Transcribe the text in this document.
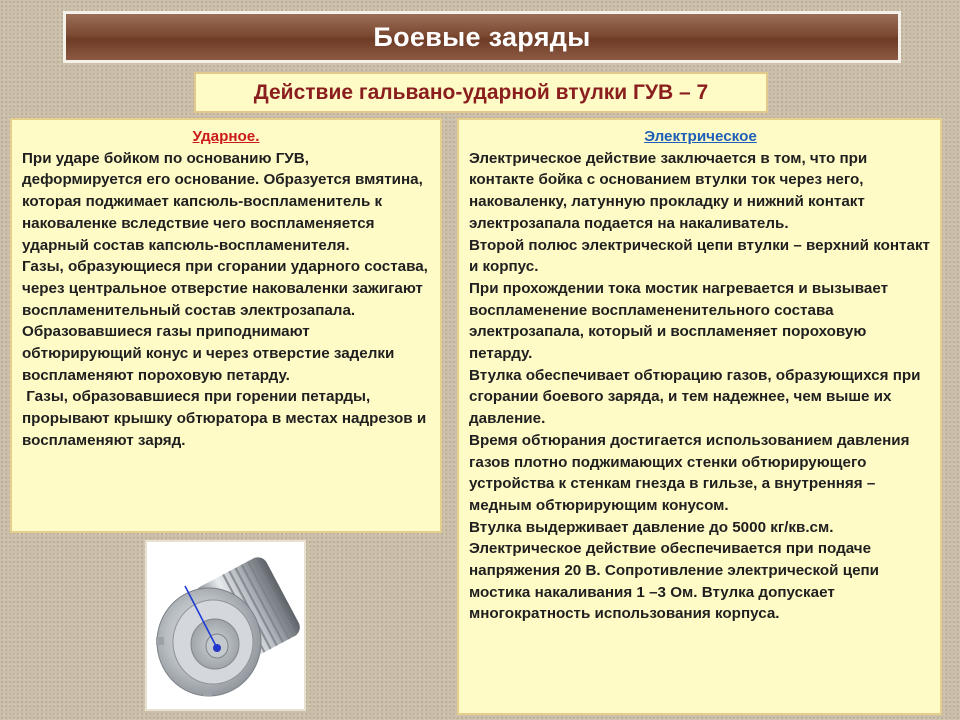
Боевые заряды
Действие гальвано-ударной втулки ГУВ – 7
Ударное.

При ударе бойком по основанию ГУВ, деформируется его основание. Образуется вмятина, которая поджимает капсюль-воспламенитель к наковаленке вследствие чего воспламеняется ударный состав капсюль-воспламенителя.

Газы, образующиеся при сгорании ударного состава, через центральное отверстие наковаленки зажигают воспламенительный состав электрозапала.

Образовавшиеся газы приподнимают обтюрирующий конус и через отверстие заделки воспламеняют пороховую петарду.

Газы, образовавшиеся при горении петарды, прорывают крышку обтюратора в местах надрезов и воспламеняют заряд.

Электрическое

Электрическое действие заключается в том, что при контакте бойка с основанием втулки ток через него, наковаленку, латунную прокладку и нижний контакт электрозапала подается на накаливатель.

Второй полюс электрической цепи втулки – верхний контакт и корпус.

При прохождении тока мостик нагревается и вызывает воспламенение воспламененительного состава электрозапала, который и воспламеняет пороховую петарду.

Втулка обеспечивает обтюрацию газов, образующихся при сгорании боевого заряда, и тем надежнее, чем выше их давление.

Время обтюрания достигается использованием давления газов плотно поджимающих стенки обтюрирующего устройства к стенкам гнезда в гильзе, а внутренняя – медным обтюрирующим конусом.

Втулка выдерживает давление до 5000 кг/кв.см.

Электрическое действие обеспечивается при подаче напряжения 20 В. Сопротивление электрической цепи мостика накаливания 1 –3 Ом. Втулка допускает многократность использования корпуса.
